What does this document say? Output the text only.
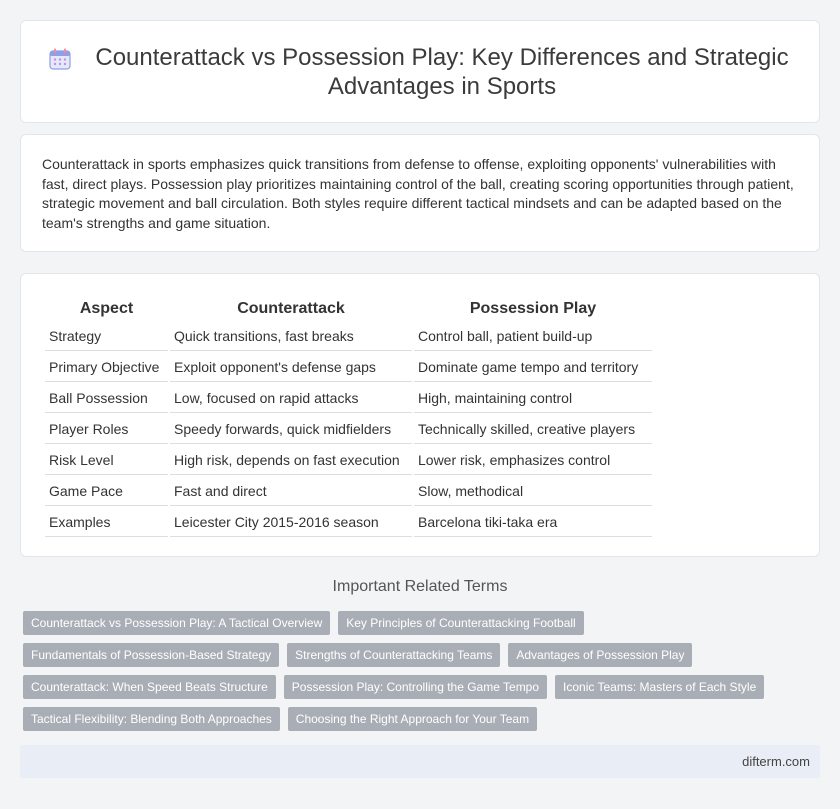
Counterattack vs Possession Play: Key Differences and Strategic Advantages in Sports

Counterattack in sports emphasizes quick transitions from defense to offense, exploiting opponents' vulnerabilities with fast, direct plays. Possession play prioritizes maintaining control of the ball, creating scoring opportunities through patient, strategic movement and ball circulation. Both styles require different tactical mindsets and can be adapted based on the team's strengths and game situation.

Aspect	Counterattack	Possession Play
Strategy	Quick transitions, fast breaks	Control ball, patient build-up
Primary Objective	Exploit opponent's defense gaps	Dominate game tempo and territory
Ball Possession	Low, focused on rapid attacks	High, maintaining control
Player Roles	Speedy forwards, quick midfielders	Technically skilled, creative players
Risk Level	High risk, depends on fast execution	Lower risk, emphasizes control
Game Pace	Fast and direct	Slow, methodical
Examples	Leicester City 2015-2016 season	Barcelona tiki-taka era
Important Related Terms
Counterattack vs Possession Play: A Tactical Overview	Key Principles of Counterattacking Football
Fundamentals of Possession-Based Strategy	Strengths of Counterattacking Teams	Advantages of Possession Play
Counterattack: When Speed Beats Structure	Possession Play: Controlling the Game Tempo	Iconic Teams: Masters of Each Style
Tactical Flexibility: Blending Both Approaches	Choosing the Right Approach for Your Team
difterm.com
